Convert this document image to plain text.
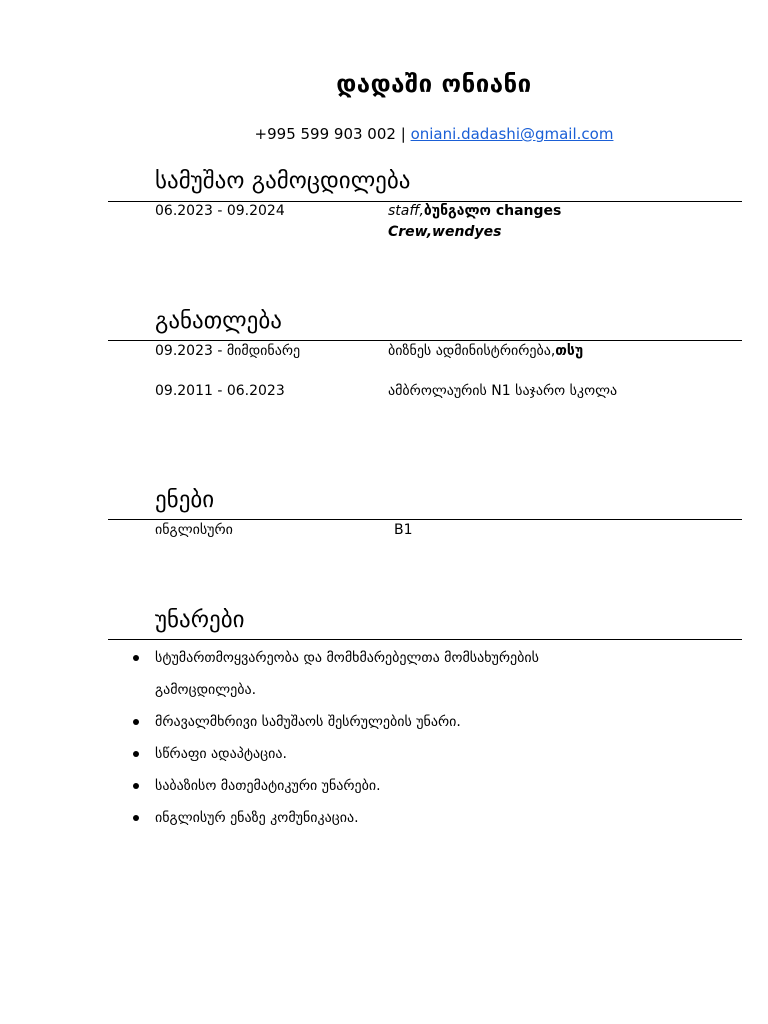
დადაში ონიანი
+995 599 903 002 | oniani.dadashi@gmail.com
სამუშაო გამოცდილება
06.2023 - 09.2024	staff,ბუნგალო changes
Crew,wendyes
განათლება
09.2023 - მიმდინარე	ბიზნეს ადმინისტრირება,თსუ
09.2011 - 06.2023	ამბროლაურის N1 საჯარო სკოლა
ენები
ინგლისური	B1
უნარები
სტუმართმოყვარეობა და მომხმარებელთა მომსახურების
გამოცდილება.
მრავალმხრივი სამუშაოს შესრულების უნარი.
სწრაფი ადაპტაცია.
საბაზისო მათემატიკური უნარები.
ინგლისურ ენაზე კომუნიკაცია.
